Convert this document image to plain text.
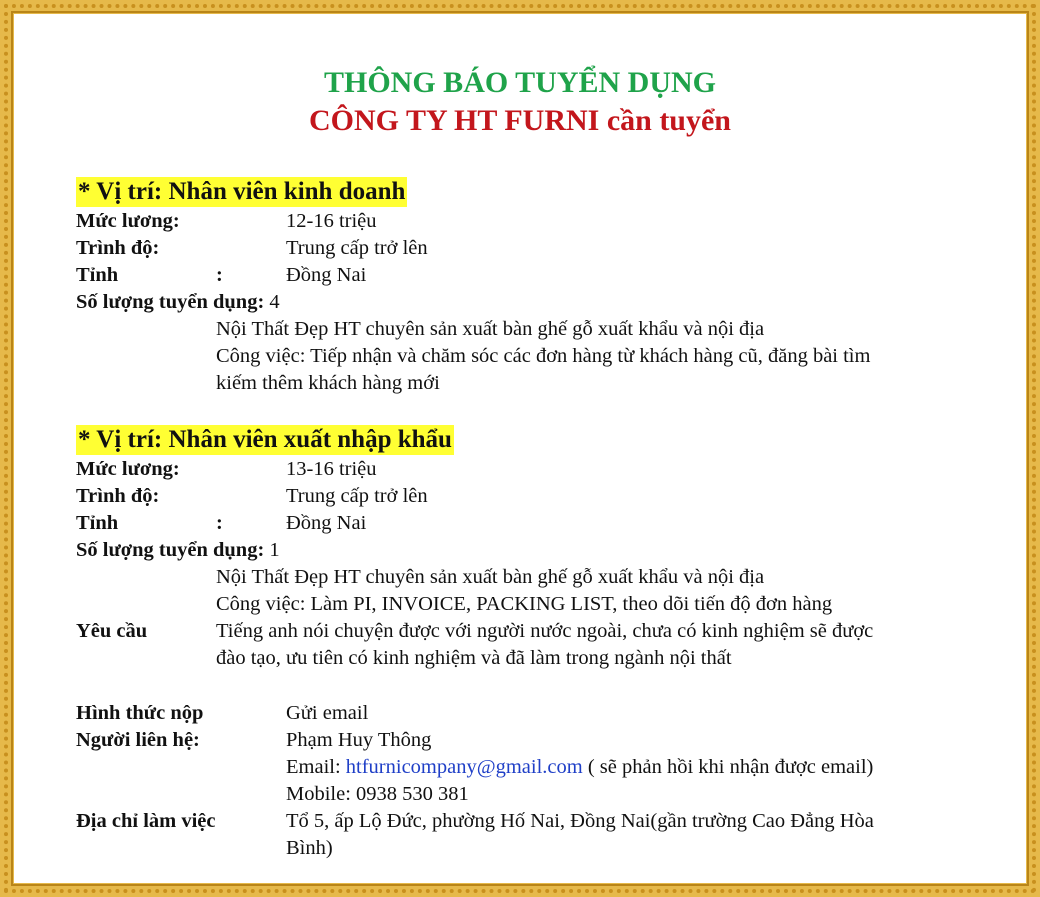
THÔNG BÁO TUYỂN DỤNG
CÔNG TY HT FURNI cần tuyển
* Vị trí: Nhân viên kinh doanh
Mức lương:	12-16 triệu
Trình độ:	Trung cấp trở lên
Tỉnh	:	Đồng Nai
Số lượng tuyển dụng: 4
Nội Thất Đẹp HT chuyên sản xuất bàn ghế gỗ xuất khẩu và nội địa
Công việc: Tiếp nhận và chăm sóc các đơn hàng từ khách hàng cũ, đăng bài tìm
kiếm thêm khách hàng mới
* Vị trí: Nhân viên xuất nhập khẩu
Mức lương:	13-16 triệu
Trình độ:	Trung cấp trở lên
Tỉnh	:	Đồng Nai
Số lượng tuyển dụng: 1
Nội Thất Đẹp HT chuyên sản xuất bàn ghế gỗ xuất khẩu và nội địa
Công việc: Làm PI, INVOICE, PACKING LIST, theo dõi tiến độ đơn hàng
Yêu cầu	Tiếng anh nói chuyện được với người nước ngoài, chưa có kinh nghiệm sẽ được
đào tạo, ưu tiên có kinh nghiệm và đã làm trong ngành nội thất
Hình thức nộp	Gửi email
Người liên hệ:	Phạm Huy Thông
Email: htfurnicompany@gmail.com ( sẽ phản hồi khi nhận được email)
Mobile: 0938 530 381
Địa chỉ làm việc	Tổ 5, ấp Lộ Đức, phường Hố Nai, Đồng Nai(gần trường Cao Đẳng Hòa
Bình)
